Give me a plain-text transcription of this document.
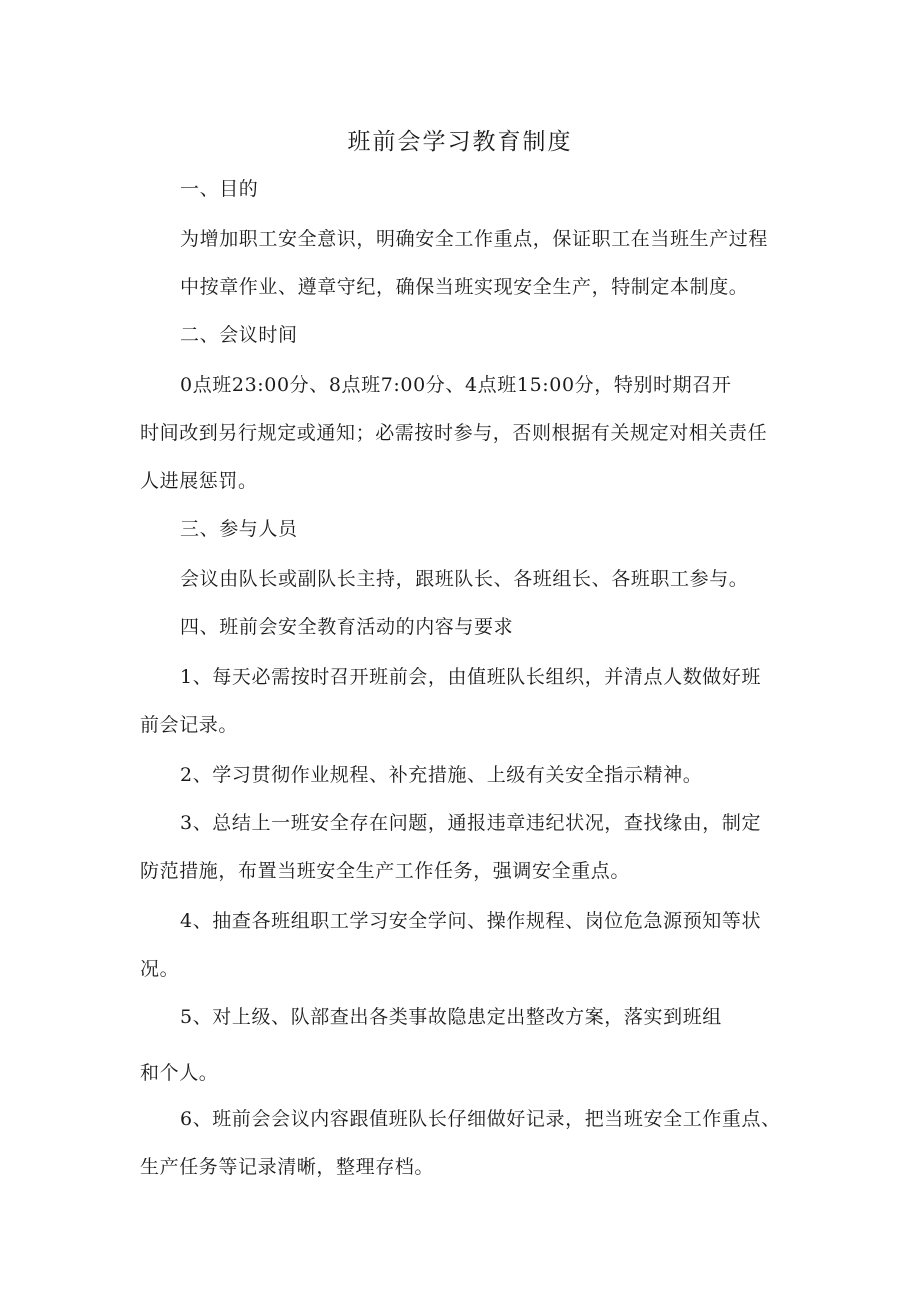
班前会学习教育制度
一、目的
为增加职工安全意识，明确安全工作重点，保证职工在当班生产过程
中按章作业、遵章守纪，确保当班实现安全生产，特制定本制度。
二、会议时间
0点班23:00分、8点班7:00分、4点班15:00分，特别时期召开
时间改到另行规定或通知；必需按时参与，否则根据有关规定对相关责任
人进展惩罚。
三、参与人员
会议由队长或副队长主持，跟班队长、各班组长、各班职工参与。
四、班前会安全教育活动的内容与要求
1、每天必需按时召开班前会，由值班队长组织，并清点人数做好班
前会记录。
2、学习贯彻作业规程、补充措施、上级有关安全指示精神。
3、总结上一班安全存在问题，通报违章违纪状况，查找缘由，制定
防范措施，布置当班安全生产工作任务，强调安全重点。
4、抽查各班组职工学习安全学问、操作规程、岗位危急源预知等状
况。
5、对上级、队部查出各类事故隐患定出整改方案，落实到班组
和个人。
6、班前会会议内容跟值班队长仔细做好记录，把当班安全工作重点、
生产任务等记录清晰，整理存档。
